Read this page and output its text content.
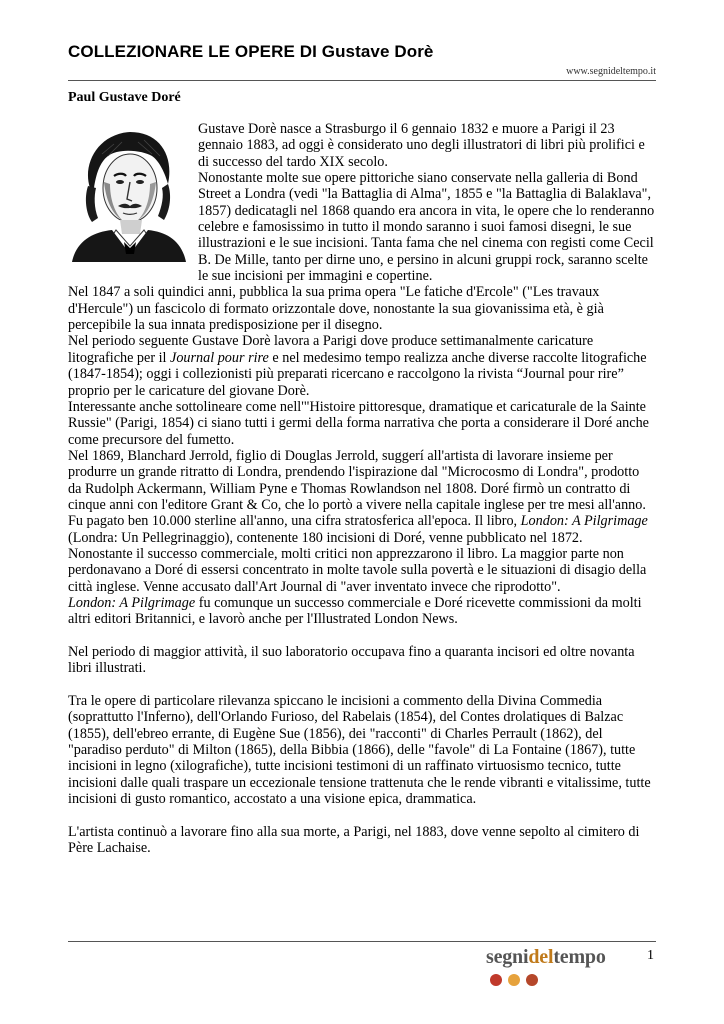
COLLEZIONARE LE OPERE DI Gustave Dorè
www.segnideltempo.it
Paul Gustave Doré

Gustave Dorè nasce a Strasburgo il 6 gennaio 1832 e muore a Parigi il 23 gennaio 1883, ad oggi è considerato uno degli illustratori di libri più prolifici e di successo del tardo XIX secolo.

Nonostante molte sue opere pittoriche siano conservate nella galleria di Bond Street a Londra (vedi "la Battaglia di Alma", 1855 e "la Battaglia di Balaklava", 1857) dedicatagli nel 1868 quando era ancora in vita, le opere che lo renderanno celebre e famosissimo in tutto il mondo saranno i suoi famosi disegni, le sue illustrazioni e le sue incisioni. Tanta fama che nel cinema con registi come Cecil B. De Mille, tanto per dirne uno, e persino in alcuni gruppi rock, saranno scelte le sue incisioni per immagini e copertine.

Nel 1847 a soli quindici anni, pubblica la sua prima opera "Le fatiche d'Ercole" ("Les travaux d'Hercule") un fascicolo di formato orizzontale dove, nonostante la sua giovanissima età, è già percepibile la sua innata predisposizione per il disegno.

Nel periodo seguente Gustave Dorè lavora a Parigi dove produce settimanalmente caricature litografiche per il Journal pour rire e nel medesimo tempo realizza anche diverse raccolte litografiche (1847-1854); oggi i collezionisti più preparati ricercano e raccolgono la rivista “Journal pour rire” proprio per le caricature del giovane Dorè.

Interessante anche sottolineare come nell'"Histoire pittoresque, dramatique et caricaturale de la Sainte Russie" (Parigi, 1854) ci siano tutti i germi della forma narrativa che porta a considerare il Doré anche come precursore del fumetto.

Nel 1869, Blanchard Jerrold, figlio di Douglas Jerrold, suggerí all'artista di lavorare insieme per produrre un grande ritratto di Londra, prendendo l'ispirazione dal "Microcosmo di Londra", prodotto da Rudolph Ackermann, William Pyne e Thomas Rowlandson nel 1808. Doré firmò un contratto di cinque anni con l'editore Grant & Co, che lo portò a vivere nella capitale inglese per tre mesi all'anno. Fu pagato ben 10.000 sterline all'anno, una cifra stratosferica all'epoca. Il libro, London: A Pilgrimage (Londra: Un Pellegrinaggio), contenente 180 incisioni di Doré, venne pubblicato nel 1872.

Nonostante il successo commerciale, molti critici non apprezzarono il libro. La maggior parte non perdonavano a Doré di essersi concentrato in molte tavole sulla povertà e le situazioni di disagio della città inglese. Venne accusato dall'Art Journal di "aver inventato invece che riprodotto".

London: A Pilgrimage fu comunque un successo commerciale e Doré ricevette commissioni da molti altri editori Britannici, e lavorò anche per l'Illustrated London News.

Nel periodo di maggior attività, il suo laboratorio occupava fino a quaranta incisori ed oltre novanta libri illustrati.

Tra le opere di particolare rilevanza spiccano le incisioni a commento della Divina Commedia (soprattutto l'Inferno), dell'Orlando Furioso, del Rabelais (1854), del Contes drolatiques di Balzac (1855), dell'ebreo errante, di Eugène Sue (1856), dei "racconti" di Charles Perrault (1862), del "paradiso perduto" di Milton (1865), della Bibbia (1866), delle "favole" di La Fontaine (1867), tutte incisioni in legno (xilografiche), tutte incisioni testimoni di un raffinato virtuosismo tecnico, tutte incisioni dalle quali traspare un eccezionale tensione trattenuta che le rende vibranti e vitalissime, tutte incisioni di gusto romantico, accostato a una visione epica, drammatica.

L'artista continuò a lavorare fino alla sua morte, a Parigi, nel 1883, dove venne sepolto al cimitero di Père Lachaise.

segnideltempo	1
